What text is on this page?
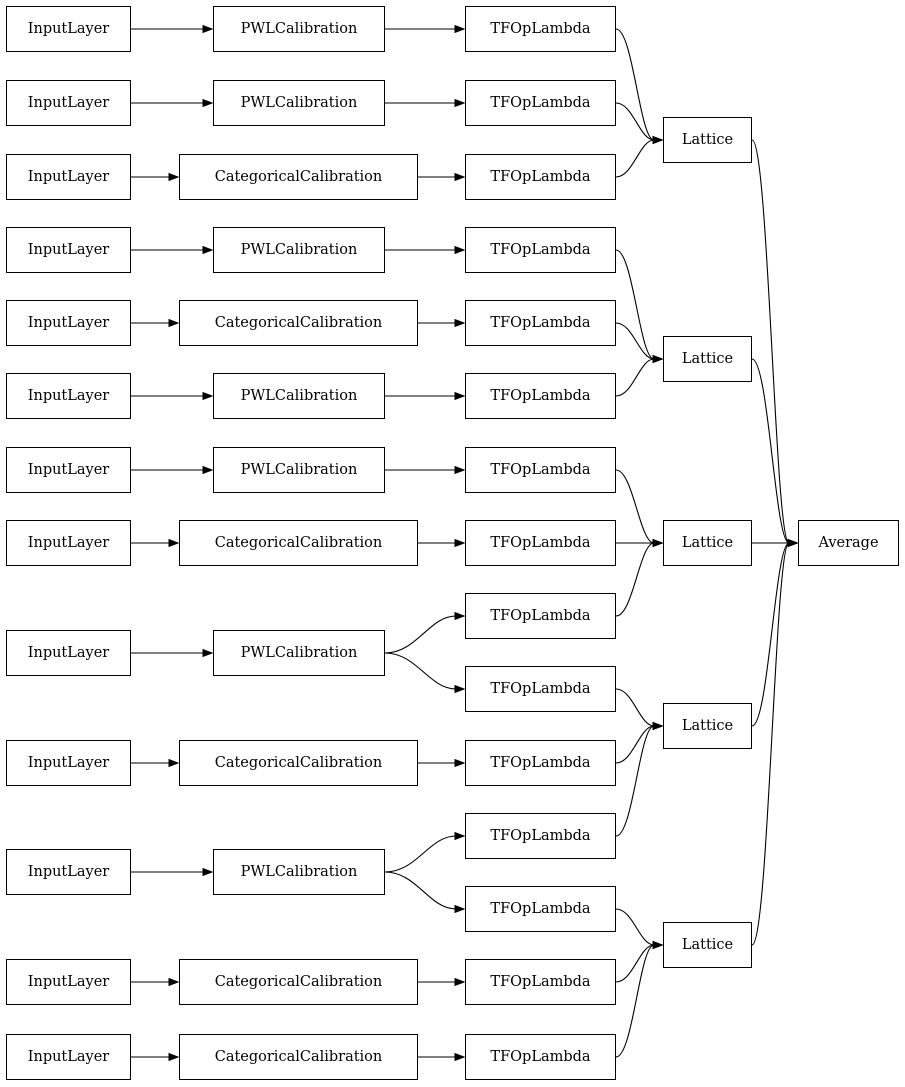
InputLayer
InputLayer
InputLayer
InputLayer
InputLayer
InputLayer
InputLayer
InputLayer
InputLayer
InputLayer
InputLayer
InputLayer
InputLayer
PWLCalibration
PWLCalibration
CategoricalCalibration
PWLCalibration
CategoricalCalibration
PWLCalibration
PWLCalibration
CategoricalCalibration
PWLCalibration
CategoricalCalibration
PWLCalibration
CategoricalCalibration
CategoricalCalibration
TFOpLambda
TFOpLambda
TFOpLambda
TFOpLambda
TFOpLambda
TFOpLambda
TFOpLambda
TFOpLambda
TFOpLambda
TFOpLambda
TFOpLambda
TFOpLambda
TFOpLambda
TFOpLambda
TFOpLambda
Lattice
Lattice
Lattice
Lattice
Lattice
Average
